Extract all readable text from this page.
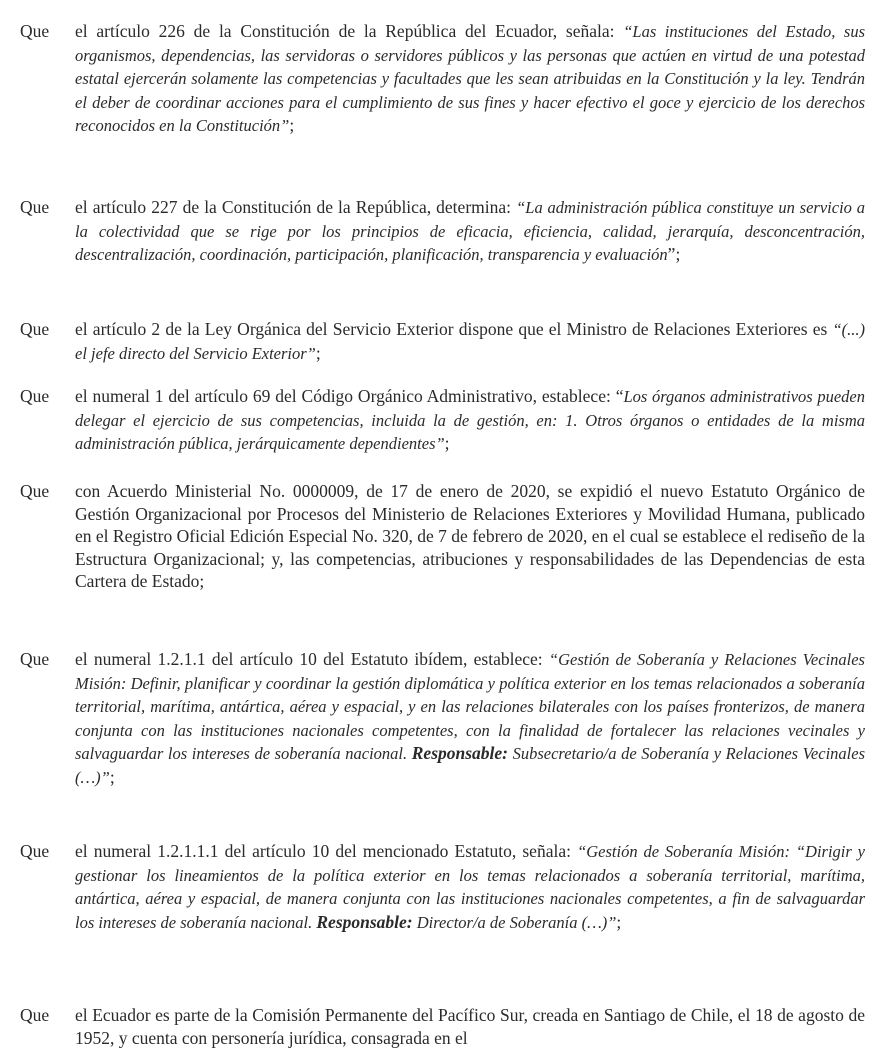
Que el artículo 226 de la Constitución de la República del Ecuador, señala: “Las instituciones del Estado, sus organismos, dependencias, las servidoras o servidores públicos y las personas que actúen en virtud de una potestad estatal ejercerán solamente las competencias y facultades que les sean atribuidas en la Constitución y la ley. Tendrán el deber de coordinar acciones para el cumplimiento de sus fines y hacer efectivo el goce y ejercicio de los derechos reconocidos en la Constitución”;
Que el artículo 227 de la Constitución de la República, determina: “La administración pública constituye un servicio a la colectividad que se rige por los principios de eficacia, eficiencia, calidad, jerarquía, desconcentración, descentralización, coordinación, participación, planificación, transparencia y evaluación”;
Que el artículo 2 de la Ley Orgánica del Servicio Exterior dispone que el Ministro de Relaciones Exteriores es “(...) el jefe directo del Servicio Exterior”;
Que el numeral 1 del artículo 69 del Código Orgánico Administrativo, establece: “Los órganos administrativos pueden delegar el ejercicio de sus competencias, incluida la de gestión, en: 1. Otros órganos o entidades de la misma administración pública, jerárquicamente dependientes”;
Que con Acuerdo Ministerial No. 0000009, de 17 de enero de 2020, se expidió el nuevo Estatuto Orgánico de Gestión Organizacional por Procesos del Ministerio de Relaciones Exteriores y Movilidad Humana, publicado en el Registro Oficial Edición Especial No. 320, de 7 de febrero de 2020, en el cual se establece el rediseño de la Estructura Organizacional; y, las competencias, atribuciones y responsabilidades de las Dependencias de esta Cartera de Estado;
Que el numeral 1.2.1.1 del artículo 10 del Estatuto ibídem, establece: “Gestión de Soberanía y Relaciones Vecinales Misión: Definir, planificar y coordinar la gestión diplomática y política exterior en los temas relacionados a soberanía territorial, marítima, antártica, aérea y espacial, y en las relaciones bilaterales con los países fronterizos, de manera conjunta con las instituciones nacionales competentes, con la finalidad de fortalecer las relaciones vecinales y salvaguardar los intereses de soberanía nacional. Responsable: Subsecretario/a de Soberanía y Relaciones Vecinales (…)”;
Que el numeral 1.2.1.1.1 del artículo 10 del mencionado Estatuto, señala: “Gestión de Soberanía Misión: “Dirigir y gestionar los lineamientos de la política exterior en los temas relacionados a soberanía territorial, marítima, antártica, aérea y espacial, de manera conjunta con las instituciones nacionales competentes, a fin de salvaguardar los intereses de soberanía nacional. Responsable: Director/a de Soberanía (…)”;
Que el Ecuador es parte de la Comisión Permanente del Pacífico Sur, creada en Santiago de Chile, el 18 de agosto de 1952, y cuenta con personería jurídica, consagrada en el
